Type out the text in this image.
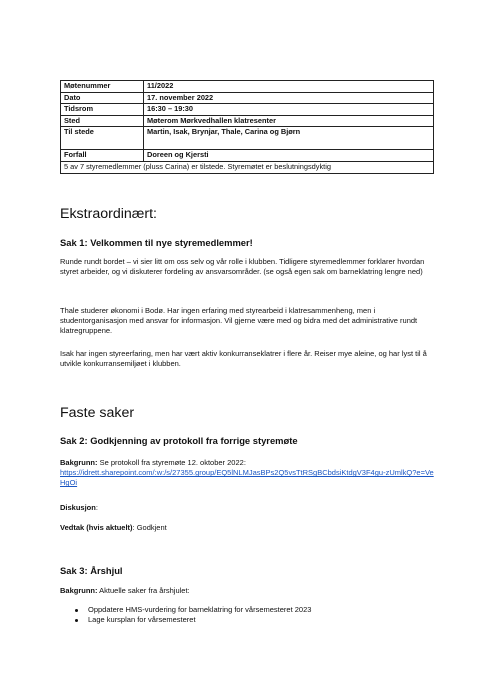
Møtenummer	11/2022
Dato	17. november 2022
Tidsrom	16:30 – 19:30
Sted	Møterom Mørkvedhallen klatresenter
Til stede	Martin, Isak, Brynjar, Thale, Carina og Bjørn
Forfall	Doreen og Kjersti
5 av 7 styremedlemmer (pluss Carina) er tilstede. Styremøtet er beslutningsdyktig	
Ekstraordinært:
Sak 1: Velkommen til nye styremedlemmer!

Runde rundt bordet – vi sier litt om oss selv og vår rolle i klubben. Tidligere styremedlemmer forklarer hvordan styret arbeider, og vi diskuterer fordeling av ansvarsområder. (se også egen sak om barneklatring lengre ned)

Thale studerer økonomi i Bodø. Har ingen erfaring med styrearbeid i klatresammenheng, men i studentorganisasjon med ansvar for informasjon. Vil gjerne være med og bidra med det administrative rundt klatregruppene.

Isak har ingen styreerfaring, men har vært aktiv konkurranseklatrer i flere år. Reiser mye aleine, og har lyst til å utvikle konkurransemiljøet i klubben.

Faste saker
Sak 2: Godkjenning av protokoll fra forrige styremøte

Bakgrunn: Se protokoll fra styremøte 12. oktober 2022:
https://idrett.sharepoint.com/:w:/s/27355.group/EQ5lNLMJasBPs2Q5vsTtRSgBCbdsiKtdgV3F4gu-zUmlkQ?e=VeHgOi

Diskusjon:

Vedtak (hvis aktuelt): Godkjent

Sak 3: Årshjul

Bakgrunn: Aktuelle saker fra årshjulet:

Oppdatere HMS-vurdering for barneklatring for vårsemesteret 2023
Lage kursplan for vårsemesteret
